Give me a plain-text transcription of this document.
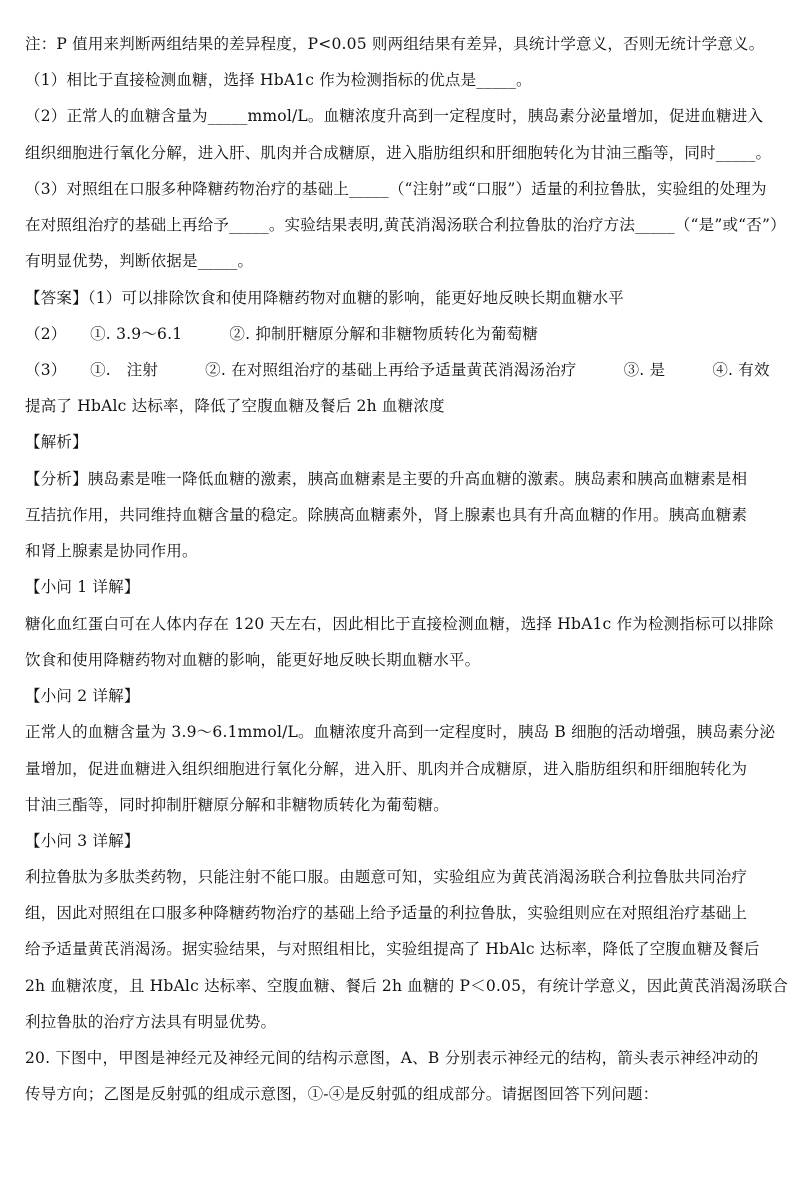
注：P 值用来判断两组结果的差异程度，P<0.05 则两组结果有差异，具统计学意义，否则无统计学意义。
（1）相比于直接检测血糖，选择 HbA1c 作为检测指标的优点是_____。
（2）正常人的血糖含量为_____mmol/L。血糖浓度升高到一定程度时，胰岛素分泌量增加，促进血糖进入
组织细胞进行氧化分解，进入肝、肌肉并合成糖原，进入脂肪组织和肝细胞转化为甘油三酯等，同时_____。
（3）对照组在口服多种降糖药物治疗的基础上_____（“注射”或“口服”）适量的利拉鲁肽，实验组的处理为
在对照组治疗的基础上再给予_____。实验结果表明,黄芪消渴汤联合利拉鲁肽的治疗方法_____（“是”或“否”）
有明显优势，判断依据是_____。
【答案】（1）可以排除饮食和使用降糖药物对血糖的影响，能更好地反映长期血糖水平
（2）　　①. 3.9～6.1　　　②. 抑制肝糖原分解和非糖物质转化为葡萄糖
（3）　　①.　注射　　　②. 在对照组治疗的基础上再给予适量黄芪消渴汤治疗　　　③. 是　　　④. 有效
提高了 HbAlc 达标率，降低了空腹血糖及餐后 2h 血糖浓度
【解析】
【分析】胰岛素是唯一降低血糖的激素，胰高血糖素是主要的升高血糖的激素。胰岛素和胰高血糖素是相
互拮抗作用，共同维持血糖含量的稳定。除胰高血糖素外，肾上腺素也具有升高血糖的作用。胰高血糖素
和肾上腺素是协同作用。
【小问 1 详解】
糖化血红蛋白可在人体内存在 120 天左右，因此相比于直接检测血糖，选择 HbA1c 作为检测指标可以排除
饮食和使用降糖药物对血糖的影响，能更好地反映长期血糖水平。
【小问 2 详解】
正常人的血糖含量为 3.9～6.1mmol/L。血糖浓度升高到一定程度时，胰岛 B 细胞的活动增强，胰岛素分泌
量增加，促进血糖进入组织细胞进行氧化分解，进入肝、肌肉并合成糖原，进入脂肪组织和肝细胞转化为
甘油三酯等，同时抑制肝糖原分解和非糖物质转化为葡萄糖。
【小问 3 详解】
利拉鲁肽为多肽类药物，只能注射不能口服。由题意可知，实验组应为黄芪消渴汤联合利拉鲁肽共同治疗
组，因此对照组在口服多种降糖药物治疗的基础上给予适量的利拉鲁肽，实验组则应在对照组治疗基础上
给予适量黄芪消渴汤。据实验结果，与对照组相比，实验组提高了 HbAlc 达标率，降低了空腹血糖及餐后
2h 血糖浓度，且 HbAlc 达标率、空腹血糖、餐后 2h 血糖的 P＜0.05，有统计学意义，因此黄芪消渴汤联合
利拉鲁肽的治疗方法具有明显优势。
20. 下图中，甲图是神经元及神经元间的结构示意图，A、B 分别表示神经元的结构，箭头表示神经冲动的
传导方向；乙图是反射弧的组成示意图，①-④是反射弧的组成部分。请据图回答下列问题：
